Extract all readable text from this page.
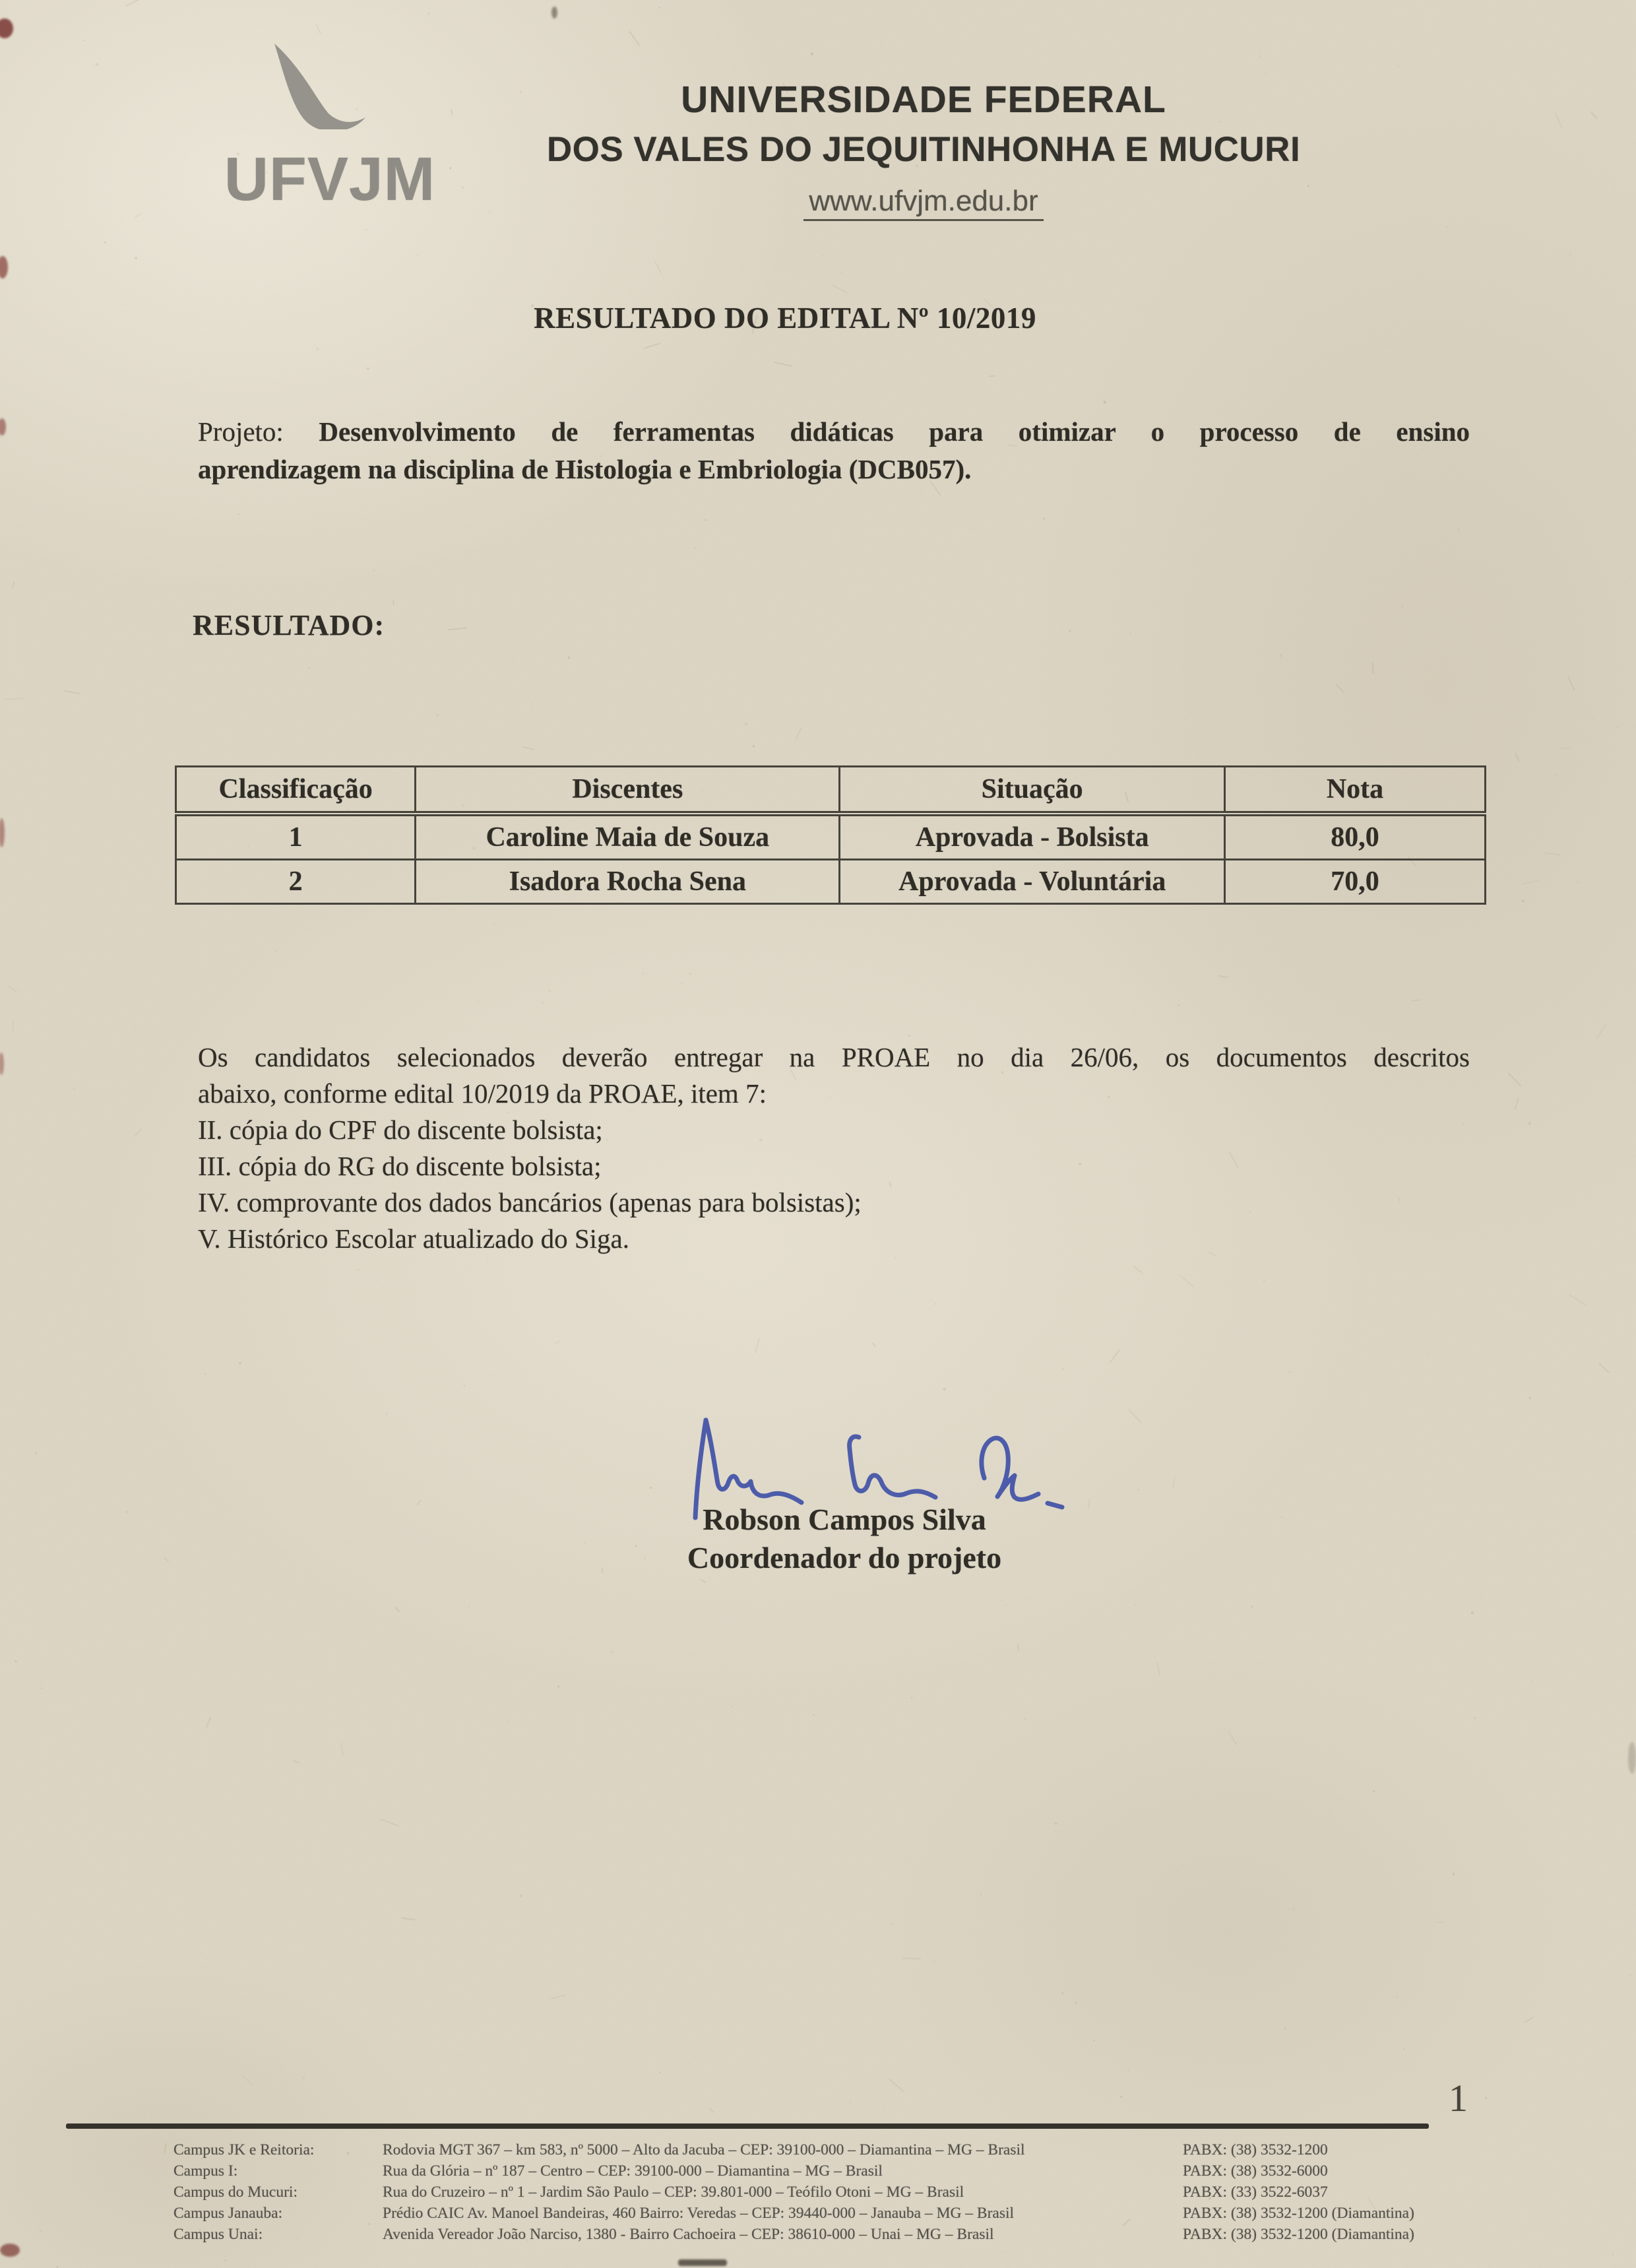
UFVJM
UNIVERSIDADE FEDERAL
DOS VALES DO JEQUITINHONHA E MUCURI
www.ufvjm.edu.br
RESULTADO DO EDITAL Nº 10/2019
Projeto: Desenvolvimento de ferramentas didáticas para otimizar o processo de ensino
aprendizagem na disciplina de Histologia e Embriologia (DCB057).
RESULTADO:
Classificação	Discentes	Situação	Nota
1	Caroline Maia de Souza	Aprovada - Bolsista	80,0
2	Isadora Rocha Sena	Aprovada - Voluntária	70,0
Os candidatos selecionados deverão entregar na PROAE no dia 26/06, os documentos descritos
abaixo, conforme edital 10/2019 da PROAE, item 7:
II. cópia do CPF do discente bolsista;
III. cópia do RG do discente bolsista;
IV. comprovante dos dados bancários (apenas para bolsistas);
V. Histórico Escolar atualizado do Siga.
Robson Campos Silva
Coordenador do projeto
1
Campus JK e Reitoria:	Rodovia MGT 367 – km 583, nº 5000 – Alto da Jacuba – CEP: 39100-000 – Diamantina – MG – Brasil	PABX: (38) 3532-1200
Campus I:	Rua da Glória – nº 187 – Centro – CEP: 39100-000 – Diamantina – MG – Brasil	PABX: (38) 3532-6000
Campus do Mucuri:	Rua do Cruzeiro – nº 1 – Jardim São Paulo – CEP: 39.801-000 – Teófilo Otoni – MG – Brasil	PABX: (33) 3522-6037
Campus Janauba:	Prédio CAIC Av. Manoel Bandeiras, 460 Bairro: Veredas – CEP: 39440-000 – Janauba – MG – Brasil	PABX: (38) 3532-1200 (Diamantina)
Campus Unai:	Avenida Vereador João Narciso, 1380 - Bairro Cachoeira – CEP: 38610-000 – Unai – MG – Brasil	PABX: (38) 3532-1200 (Diamantina)
